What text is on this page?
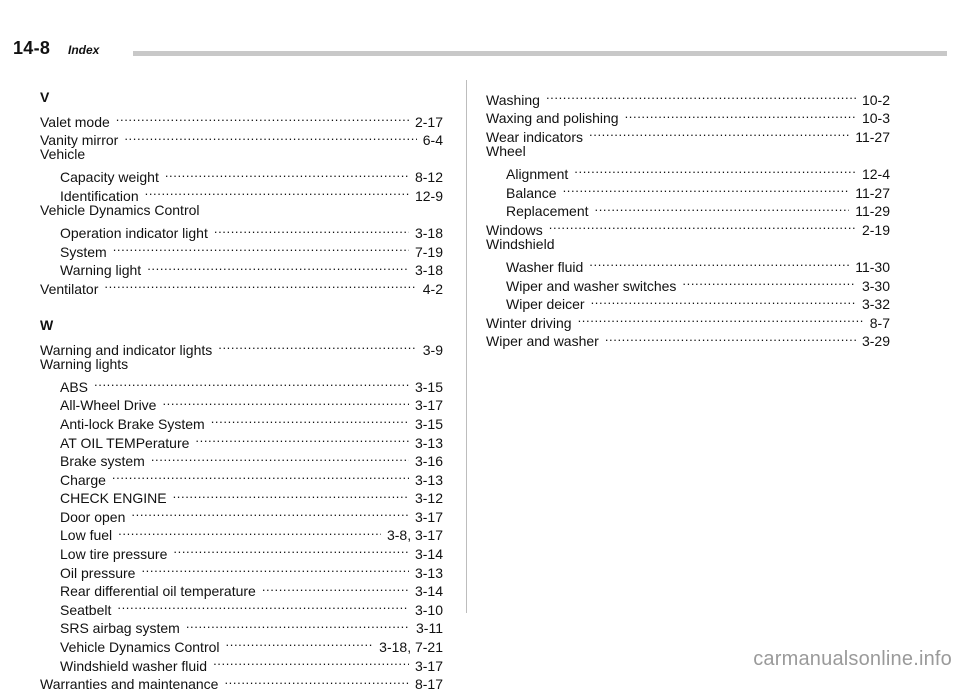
14-8 Index
V
Valet mode .....	2-17
Vanity mirror .....	6-4
Vehicle
Capacity weight .....	8-12
Identification .....	12-9
Vehicle Dynamics Control
Operation indicator light .....	3-18
System .....	7-19
Warning light .....	3-18
Ventilator .....	4-2
W
Warning and indicator lights .....	3-9
Warning lights
ABS .....	3-15
All-Wheel Drive .....	3-17
Anti-lock Brake System .....	3-15
AT OIL TEMPerature .....	3-13
Brake system .....	3-16
Charge .....	3-13
CHECK ENGINE .....	3-12
Door open .....	3-17
Low fuel .....	3-8, 3-17
Low tire pressure .....	3-14
Oil pressure .....	3-13
Rear differential oil temperature .....	3-14
Seatbelt .....	3-10
SRS airbag system .....	3-11
Vehicle Dynamics Control .....	3-18, 7-21
Windshield washer fluid .....	3-17
Warranties and maintenance .....	8-17
Washing .....	10-2
Waxing and polishing .....	10-3
Wear indicators .....	11-27
Wheel
Alignment .....	12-4
Balance .....	11-27
Replacement .....	11-29
Windows .....	2-19
Windshield
Washer fluid .....	11-30
Wiper and washer switches .....	3-30
Wiper deicer .....	3-32
Winter driving .....	8-7
Wiper and washer .....	3-29
carmanualsonline.info
